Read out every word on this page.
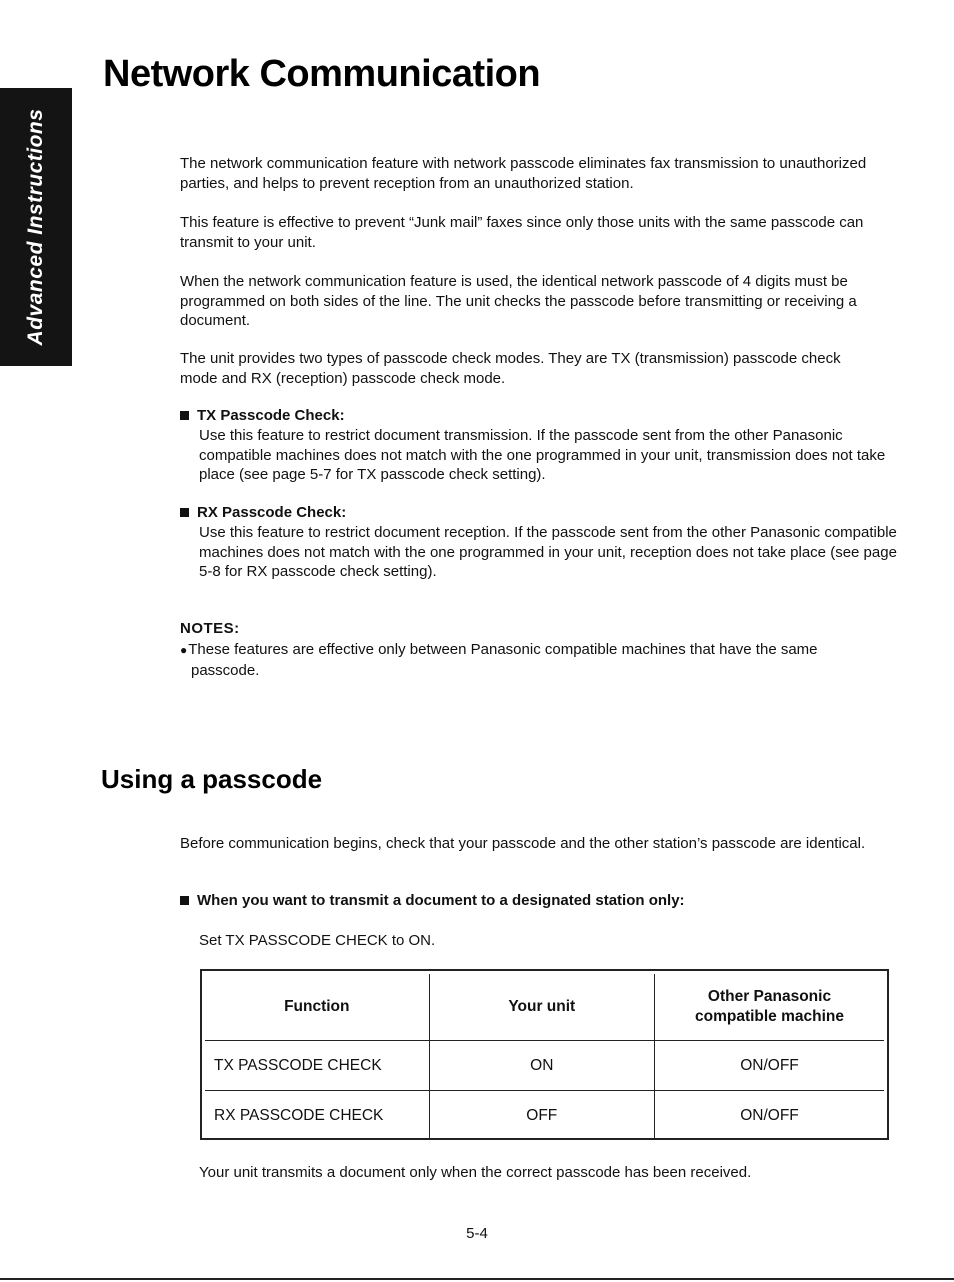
Advanced Instructions
Network Communication

The network communication feature with network passcode eliminates fax transmission to unauthorized parties, and helps to prevent reception from an unauthorized station.

This feature is effective to prevent “Junk mail” faxes since only those units with the same passcode can transmit to your unit.

When the network communication feature is used, the identical network passcode of 4 digits must be programmed on both sides of the line. The unit checks the passcode before transmitting or receiving a document.

The unit provides two types of passcode check modes. They are TX (transmission) passcode check mode and RX (reception) passcode check mode.

TX Passcode Check:

Use this feature to restrict document transmission. If the passcode sent from the other Panasonic compatible machines does not match with the one programmed in your unit, transmission does not take place (see page 5-7 for TX passcode check setting).

RX Passcode Check:

Use this feature to restrict document reception. If the passcode sent from the other Panasonic compatible machines does not match with the one programmed in your unit, reception does not take place (see page 5-8 for RX passcode check setting).

NOTES:

●These features are effective only between Panasonic compatible machines that have the same
passcode.
Using a passcode

Before communication begins, check that your passcode and the other station’s passcode are identical.

When you want to transmit a document to a designated station only:
Set TX PASSCODE CHECK to ON.
Function	Your unit	Other Panasonic compatible machine
TX PASSCODE CHECK	ON	ON/OFF
RX PASSCODE CHECK	OFF	ON/OFF
Your unit transmits a document only when the correct passcode has been received.
5-4
